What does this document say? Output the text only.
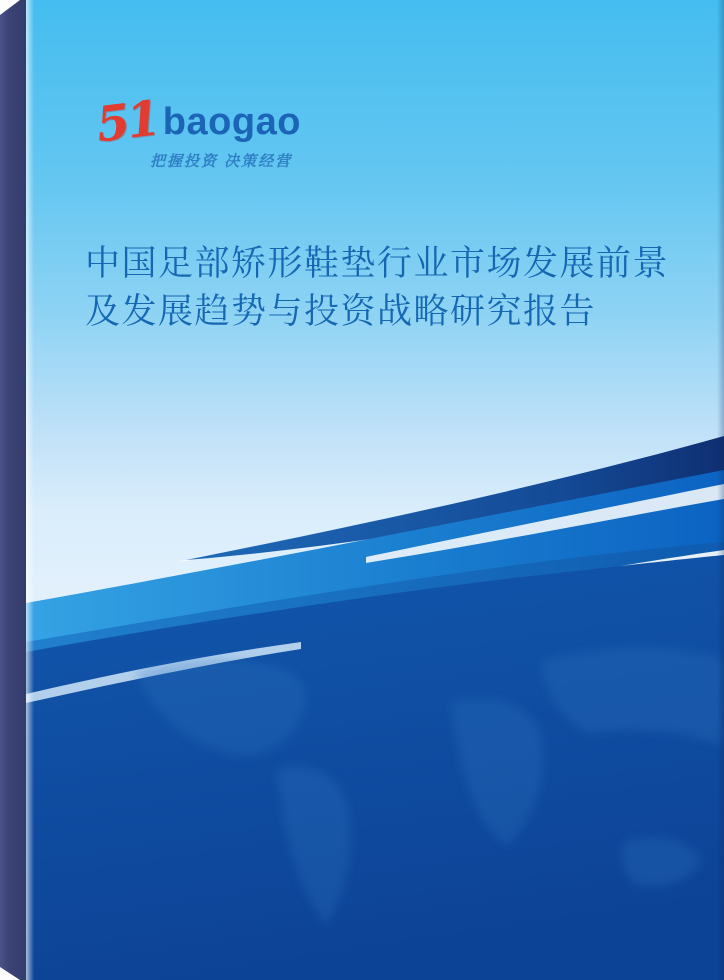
51 baogao
把握投资 决策经营
中国足部矫形鞋垫行业市场发展前景
及发展趋势与投资战略研究报告
